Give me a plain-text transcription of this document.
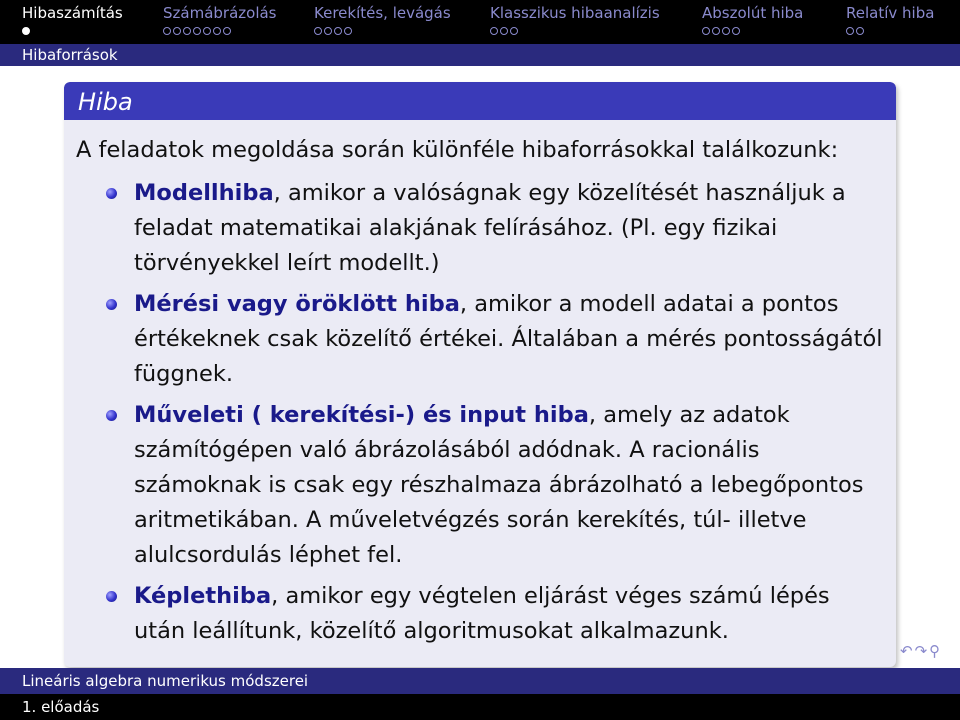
Hibaszámítás	Számábrázolás	Kerekítés, levágás	Klasszikus hibaanalízis	Abszolút hiba	Relatív hiba
Hibaforrások
Hiba
A feladatok megoldása során különféle hibaforrásokkal találkozunk:
Modellhiba, amikor a valóságnak egy közelítését használjuk a feladat matematikai alakjának felírásához. (Pl. egy fizikai törvényekkel leírt modellt.)
Mérési vagy öröklött hiba, amikor a modell adatai a pontos értékeknek csak közelítő értékei. Általában a mérés pontosságától függnek.
Műveleti ( kerekítési-) és input hiba, amely az adatok számítógépen való ábrázolásából adódnak. A racionális számoknak is csak egy részhalmaza ábrázolható a lebegőpontos aritmetikában. A műveletvégzés során kerekítés, túl- illetve alulcsordulás léphet fel.
Képlethiba, amikor egy végtelen eljárást véges számú lépés után leállítunk, közelítő algoritmusokat alkalmazunk.
↶↷⚲
Lineáris algebra numerikus módszerei
1. előadás
